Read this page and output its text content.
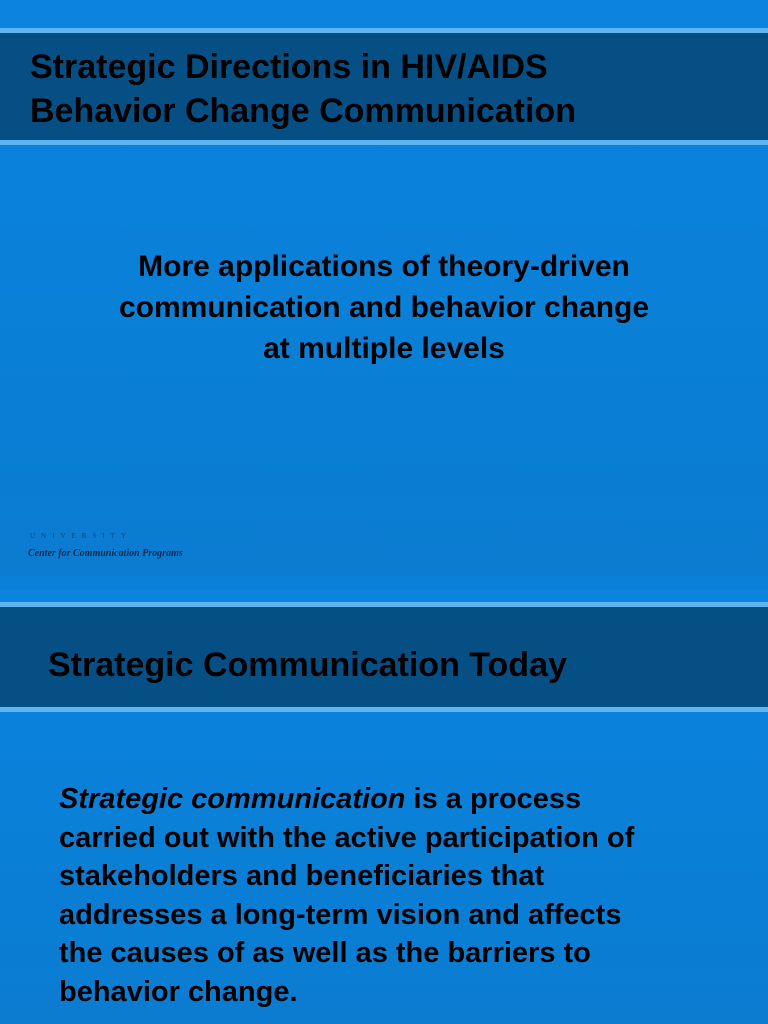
Strategic Directions in HIV/AIDS
Behavior Change Communication
More applications of theory-driven
communication and behavior change
at multiple levels
UNIVERSITY
Center for Communication Programs
Strategic Communication Today
Strategic communication is a process
carried out with the active participation of
stakeholders and beneficiaries that
addresses a long-term vision and affects
the causes of as well as the barriers to
behavior change.
